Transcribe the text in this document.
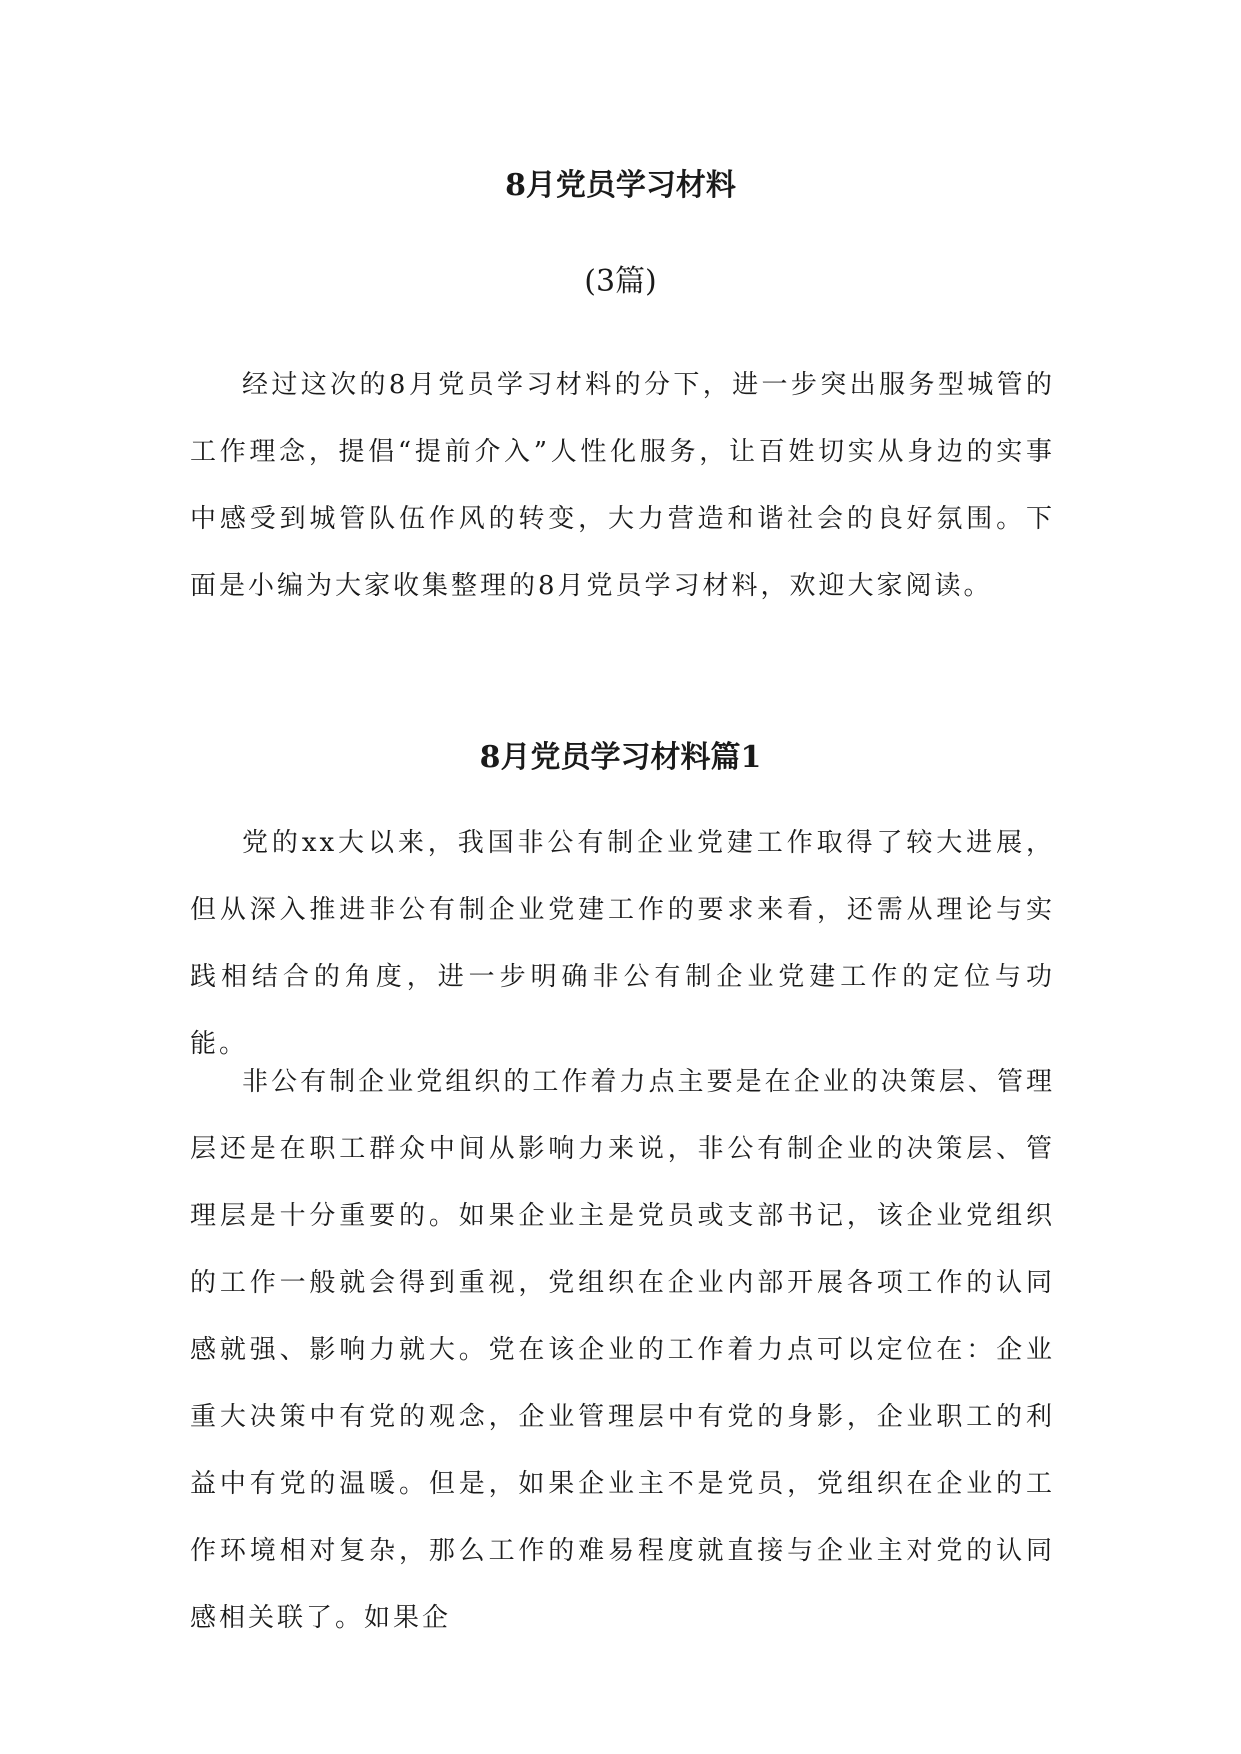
8月党员学习材料
(3篇)

经过这次的8月党员学习材料的分下，进一步突出服务型城管的工作理念，提倡“提前介入”人性化服务，让百姓切实从身边的实事中感受到城管队伍作风的转变，大力营造和谐社会的良好氛围。下面是小编为大家收集整理的8月党员学习材料，欢迎大家阅读。

8月党员学习材料篇1

党的xx大以来，我国非公有制企业党建工作取得了较大进展，但从深入推进非公有制企业党建工作的要求来看，还需从理论与实践相结合的角度，进一步明确非公有制企业党建工作的定位与功能。

非公有制企业党组织的工作着力点主要是在企业的决策层、管理层还是在职工群众中间从影响力来说，非公有制企业的决策层、管理层是十分重要的。如果企业主是党员或支部书记，该企业党组织的工作一般就会得到重视，党组织在企业内部开展各项工作的认同感就强、影响力就大。党在该企业的工作着力点可以定位在：企业重大决策中有党的观念，企业管理层中有党的身影，企业职工的利益中有党的温暖。但是，如果企业主不是党员，党组织在企业的工作环境相对复杂，那么工作的难易程度就直接与企业主对党的认同感相关联了。如果企
